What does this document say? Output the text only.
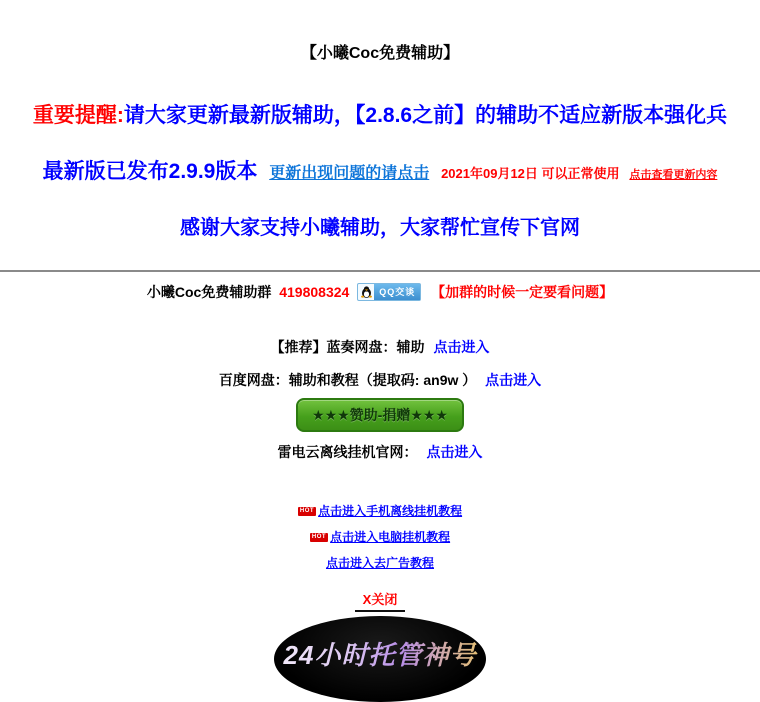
【小曦Coc免费辅助】
重要提醒:请大家更新最新版辅助，【2.8.6之前】的辅助不适应新版本强化兵
最新版已发布2.9.9版本 更新出现问题的请点击 2021年09月12日 可以正常使用 点击查看更新内容
感谢大家支持小曦辅助，大家帮忙宣传下官网
小曦Coc免费辅助群 419808324	QQ交谈	【加群的时候一定要看问题】
【推荐】蓝奏网盘：辅助 点击进入
百度网盘：辅助和教程（提取码: an9w ） 点击进入
★★★赞助-捐赠★★★
雷电云离线挂机官网： 点击进入
HOT 点击进入手机离线挂机教程
HOT 点击进入电脑挂机教程
点击进入去广告教程
X关闭
24小时托管神号
